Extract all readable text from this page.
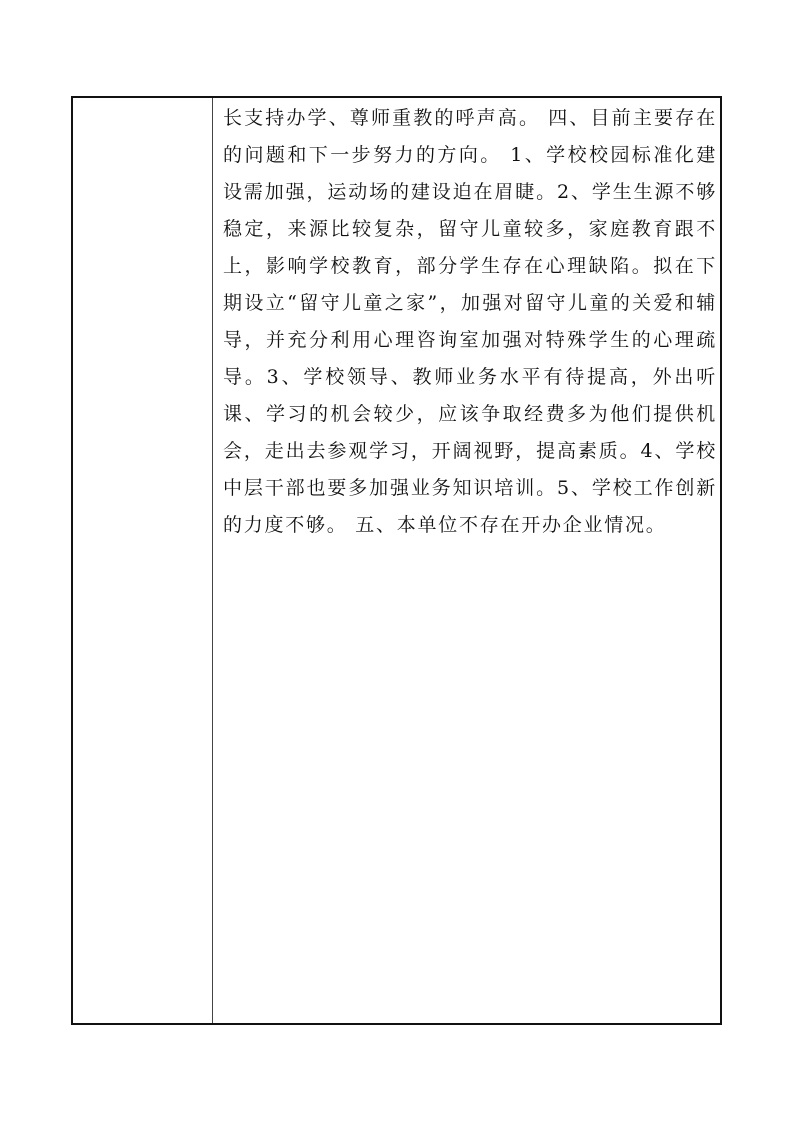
长支持办学、尊师重教的呼声高。 四、目前主要存在的问题和下一步努力的方向。 1、学校校园标准化建设需加强，运动场的建设迫在眉睫。2、学生生源不够稳定，来源比较复杂，留守儿童较多，家庭教育跟不上，影响学校教育，部分学生存在心理缺陷。拟在下期设立“留守儿童之家”，加强对留守儿童的关爱和辅导，并充分利用心理咨询室加强对特殊学生的心理疏导。3、学校领导、教师业务水平有待提高，外出听课、学习的机会较少，应该争取经费多为他们提供机会，走出去参观学习，开阔视野，提高素质。4、学校中层干部也要多加强业务知识培训。5、学校工作创新的力度不够。 五、本单位不存在开办企业情况。
